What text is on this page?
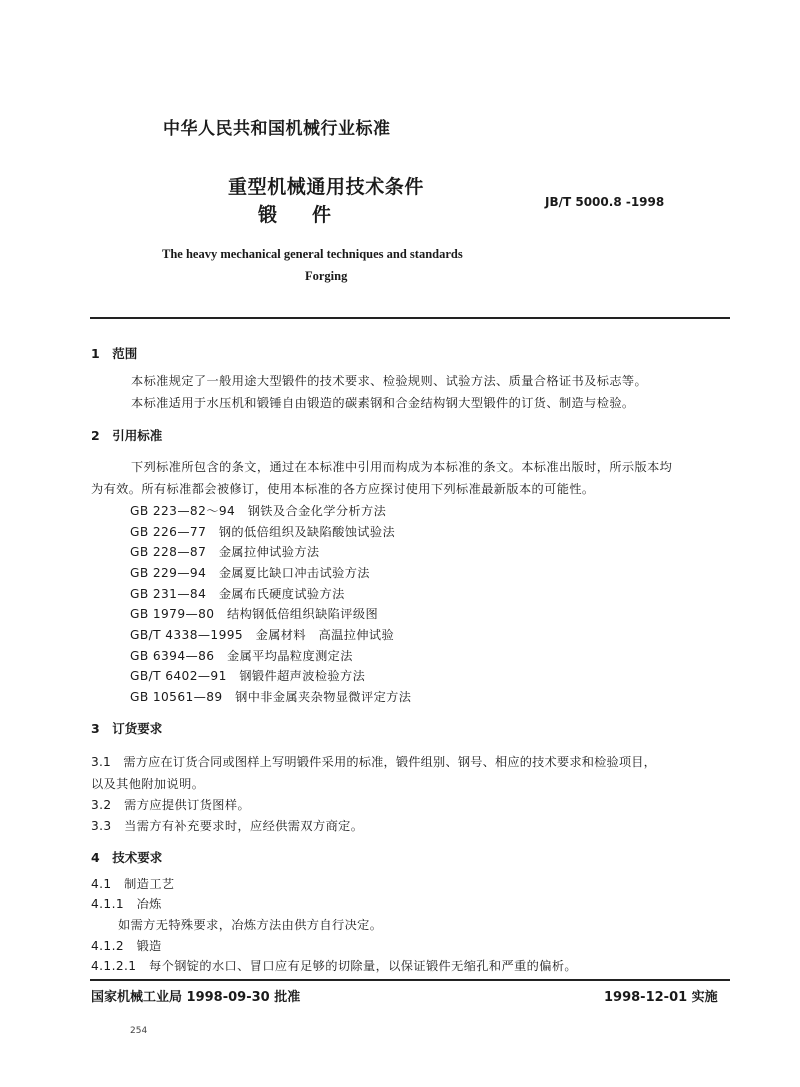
中华人民共和国机械行业标准
重型机械通用技术条件
锻　件
JB/T 5000.8 -1998
The heavy mechanical general techniques and standards
Forging
1　范围
本标准规定了一般用途大型锻件的技术要求、检验规则、试验方法、质量合格证书及标志等。
本标准适用于水压机和锻锤自由锻造的碳素钢和合金结构钢大型锻件的订货、制造与检验。
2　引用标准
下列标准所包含的条文，通过在本标准中引用而构成为本标准的条文。本标准出版时，所示版本均
为有效。所有标准都会被修订，使用本标准的各方应探讨使用下列标准最新版本的可能性。
GB 223—82～94　钢铁及合金化学分析方法
GB 226—77　钢的低倍组织及缺陷酸蚀试验法
GB 228—87　金属拉伸试验方法
GB 229—94　金属夏比缺口冲击试验方法
GB 231—84　金属布氏硬度试验方法
GB 1979—80　结构钢低倍组织缺陷评级图
GB/T 4338—1995　金属材料　高温拉伸试验
GB 6394—86　金属平均晶粒度测定法
GB/T 6402—91　钢锻件超声波检验方法
GB 10561—89　钢中非金属夹杂物显微评定方法
3　订货要求
3.1　需方应在订货合同或图样上写明锻件采用的标准，锻件组别、钢号、相应的技术要求和检验项目，
以及其他附加说明。
3.2　需方应提供订货图样。
3.3　当需方有补充要求时，应经供需双方商定。
4　技术要求
4.1　制造工艺
4.1.1　冶炼
如需方无特殊要求，冶炼方法由供方自行决定。
4.1.2　锻造
4.1.2.1　每个钢锭的水口、冒口应有足够的切除量，以保证锻件无缩孔和严重的偏析。
国家机械工业局 1998-09-30 批准	1998-12-01 实施
254
